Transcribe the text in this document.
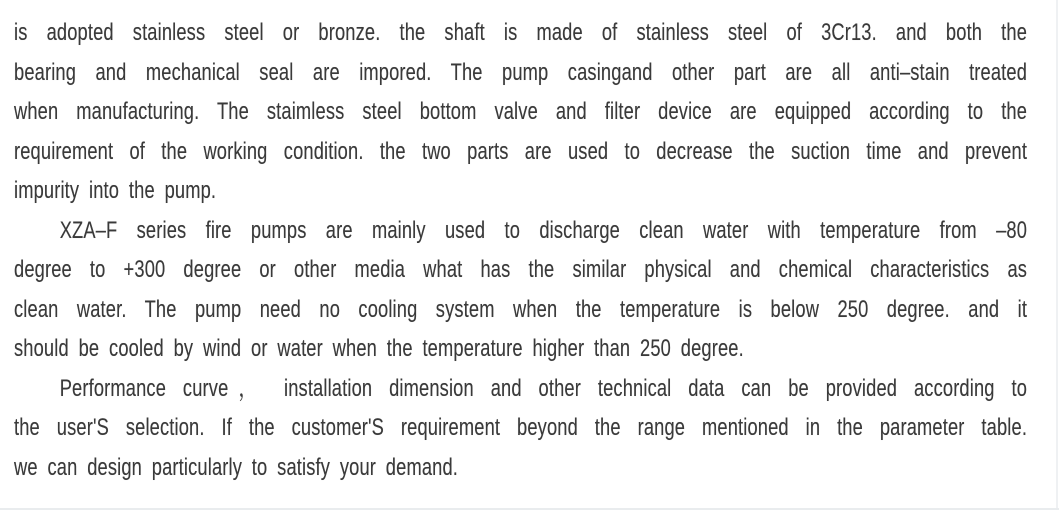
is adopted stainless steel or bronze. the shaft is made of stainless steel of 3Cr13. and both the
bearing and mechanical seal are impored. The pump casingand other part are all anti–stain treated
when manufacturing. The staimless steel bottom valve and filter device are equipped according to the
requirement of the working condition. the two parts are used to decrease the suction time and prevent
impurity into the pump.
XZA–F series fire pumps are mainly used to discharge clean water with temperature from –80
degree to +300 degree or other media what has the similar physical and chemical characteristics as
clean water. The pump need no cooling system when the temperature is below 250 degree. and it
should be cooled by wind or water when the temperature higher than 250 degree.
Performance curve， installation dimension and other technical data can be provided according to
the user'S selection. If the customer'S requirement beyond the range mentioned in the parameter table.
we can design particularly to satisfy your demand.
